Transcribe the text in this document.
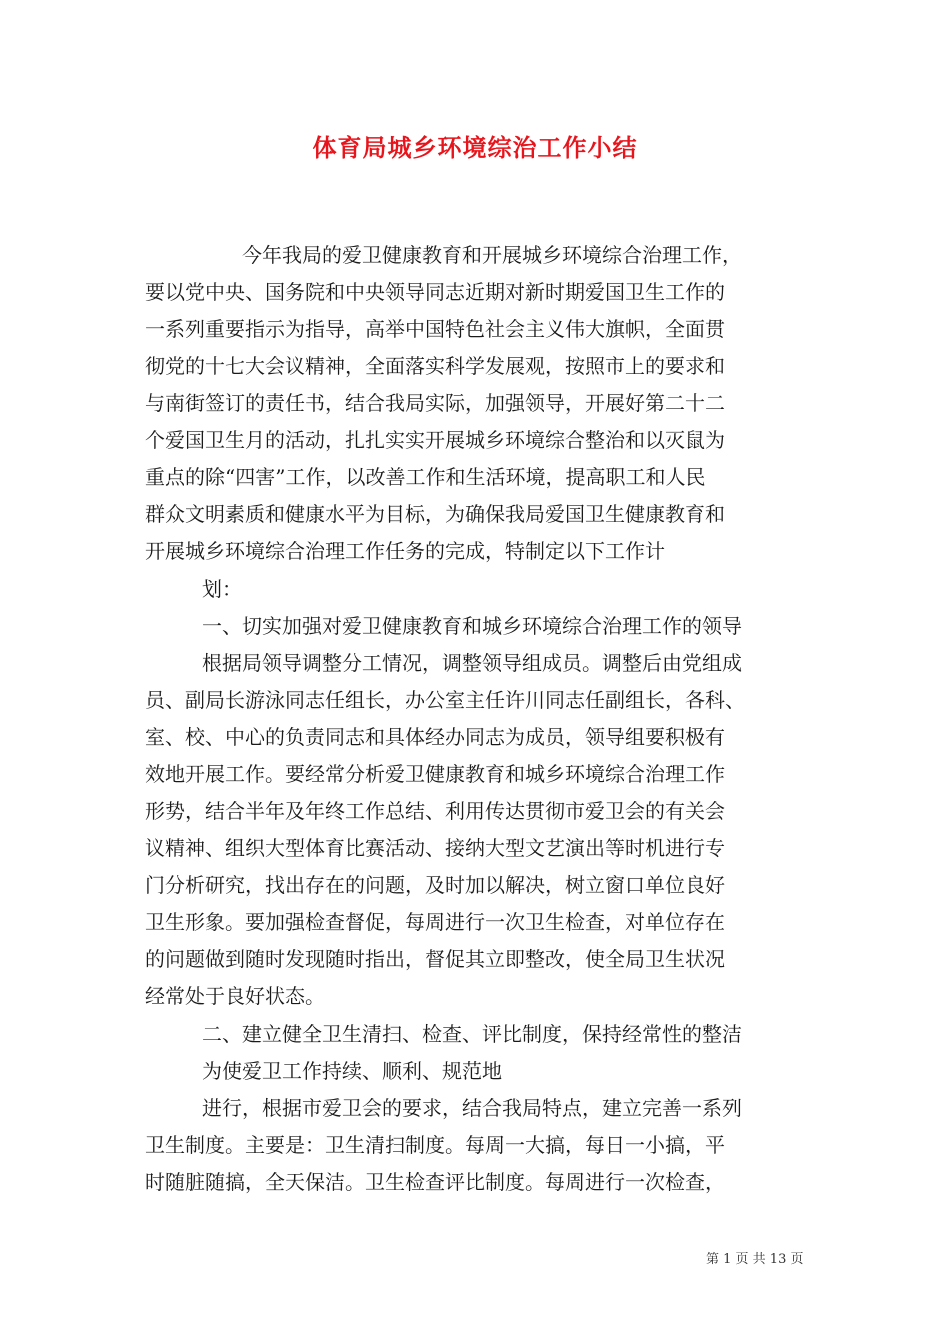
体育局城乡环境综治工作小结
今年我局的爱卫健康教育和开展城乡环境综合治理工作，
要以党中央、国务院和中央领导同志近期对新时期爱国卫生工作的
一系列重要指示为指导，高举中国特色社会主义伟大旗帜，全面贯
彻党的十七大会议精神，全面落实科学发展观，按照市上的要求和
与南街签订的责任书，结合我局实际，加强领导，开展好第二十二
个爱国卫生月的活动，扎扎实实开展城乡环境综合整治和以灭鼠为
重点的除“四害”工作，以改善工作和生活环境，提高职工和人民
群众文明素质和健康水平为目标，为确保我局爱国卫生健康教育和
开展城乡环境综合治理工作任务的完成，特制定以下工作计
划：
一、切实加强对爱卫健康教育和城乡环境综合治理工作的领导
根据局领导调整分工情况，调整领导组成员。调整后由党组成
员、副局长游泳同志任组长，办公室主任许川同志任副组长，各科、
室、校、中心的负责同志和具体经办同志为成员，领导组要积极有
效地开展工作。要经常分析爱卫健康教育和城乡环境综合治理工作
形势，结合半年及年终工作总结、利用传达贯彻市爱卫会的有关会
议精神、组织大型体育比赛活动、接纳大型文艺演出等时机进行专
门分析研究，找出存在的问题，及时加以解决，树立窗口单位良好
卫生形象。要加强检查督促，每周进行一次卫生检查，对单位存在
的问题做到随时发现随时指出，督促其立即整改，使全局卫生状况
经常处于良好状态。
二、建立健全卫生清扫、检查、评比制度，保持经常性的整洁
为使爱卫工作持续、顺利、规范地
进行，根据市爱卫会的要求，结合我局特点，建立完善一系列
卫生制度。主要是：卫生清扫制度。每周一大搞，每日一小搞，平
时随脏随搞，全天保洁。卫生检查评比制度。每周进行一次检查，
第 1 页 共 13 页
